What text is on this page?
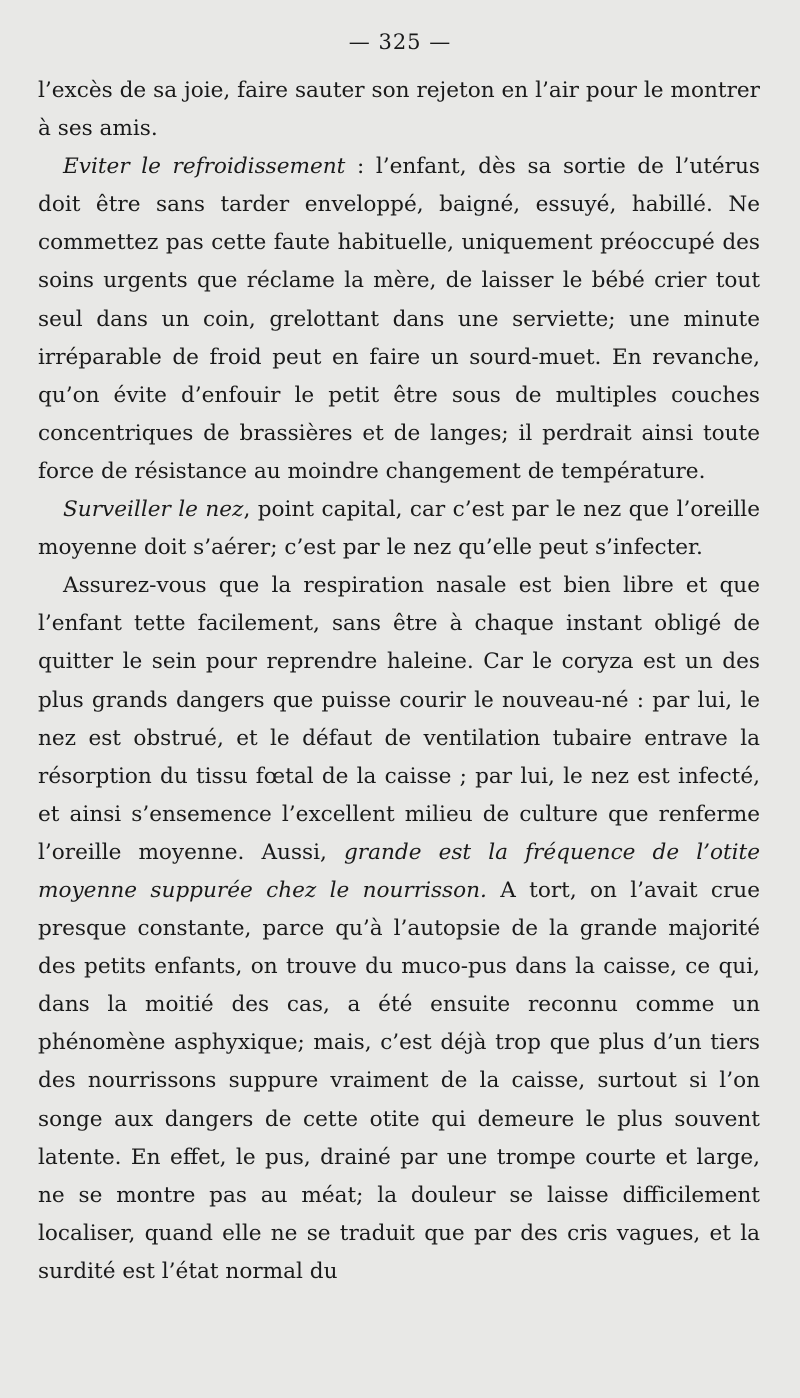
— 325 —

l’excès de sa joie, faire sauter son rejeton en l’air pour le montrer à ses amis.

Eviter le refroidissement : l’enfant, dès sa sortie de l’utérus doit être sans tarder enveloppé, baigné, essuyé, habillé. Ne commettez pas cette faute habituelle, uniquement préoccupé des soins urgents que réclame la mère, de laisser le bébé crier tout seul dans un coin, grelottant dans une serviette; une minute irréparable de froid peut en faire un sourd-muet. En revanche, qu’on évite d’enfouir le petit être sous de multiples couches concentriques de brassières et de langes; il perdrait ainsi toute force de résistance au moindre changement de température.

Surveiller le nez, point capital, car c’est par le nez que l’oreille moyenne doit s’aérer; c’est par le nez qu’elle peut s’infecter.

Assurez-vous que la respiration nasale est bien libre et que l’enfant tette facilement, sans être à chaque instant obligé de quitter le sein pour reprendre haleine. Car le coryza est un des plus grands dangers que puisse courir le nouveau-né : par lui, le nez est obstrué, et le défaut de ventilation tubaire entrave la résorption du tissu fœtal de la caisse ; par lui, le nez est infecté, et ainsi s’ensemence l’excellent milieu de culture que renferme l’oreille moyenne. Aussi, grande est la fréquence de l’otite moyenne suppurée chez le nourrisson. A tort, on l’avait crue presque constante, parce qu’à l’autopsie de la grande majorité des petits enfants, on trouve du muco-pus dans la caisse, ce qui, dans la moitié des cas, a été ensuite reconnu comme un phénomène asphyxique; mais, c’est déjà trop que plus d’un tiers des nourrissons suppure vraiment de la caisse, surtout si l’on songe aux dangers de cette otite qui demeure le plus souvent latente. En effet, le pus, drainé par une trompe courte et large, ne se montre pas au méat; la douleur se laisse difficilement localiser, quand elle ne se traduit que par des cris vagues, et la surdité est l’état normal du
